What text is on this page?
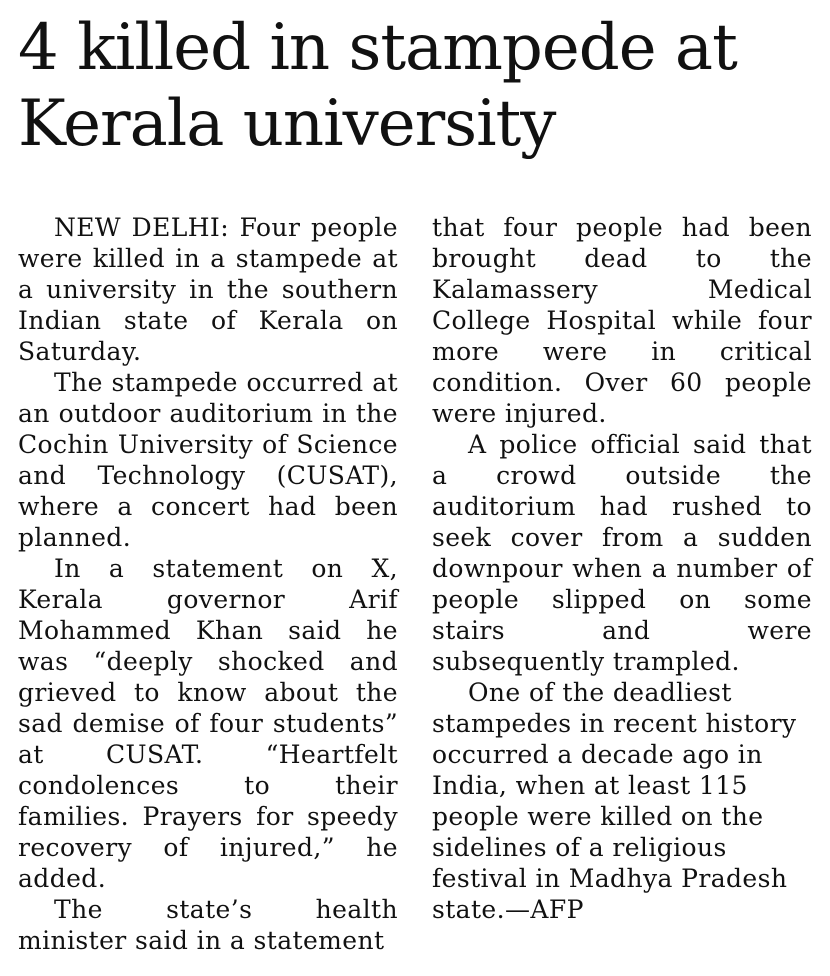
4 killed in stampede at Kerala university

NEW DELHI: Four people were killed in a stampede at a university in the southern Indian state of Kerala on Saturday.

The stampede occurred at an outdoor auditorium in the Cochin University of Science and Technology (CUSAT), where a concert had been planned.

In a statement on X, Kerala governor Arif Mohammed Khan said he was “deeply shocked and grieved to know about the sad demise of four students” at CUSAT. “Heartfelt condolences to their families. Prayers for speedy recovery of injured,” he added.

The state’s health minister said in a statement

that four people had been brought dead to the Kalamassery Medical College Hospital while four more were in critical condition. Over 60 people were injured.

A police official said that a crowd outside the auditorium had rushed to seek cover from a sudden downpour when a number of people slipped on some stairs and were subsequently trampled.

One of the deadliest stampedes in recent history occurred a decade ago in India, when at least 115 people were killed on the sidelines of a religious festival in Madhya Pradesh state.—AFP
